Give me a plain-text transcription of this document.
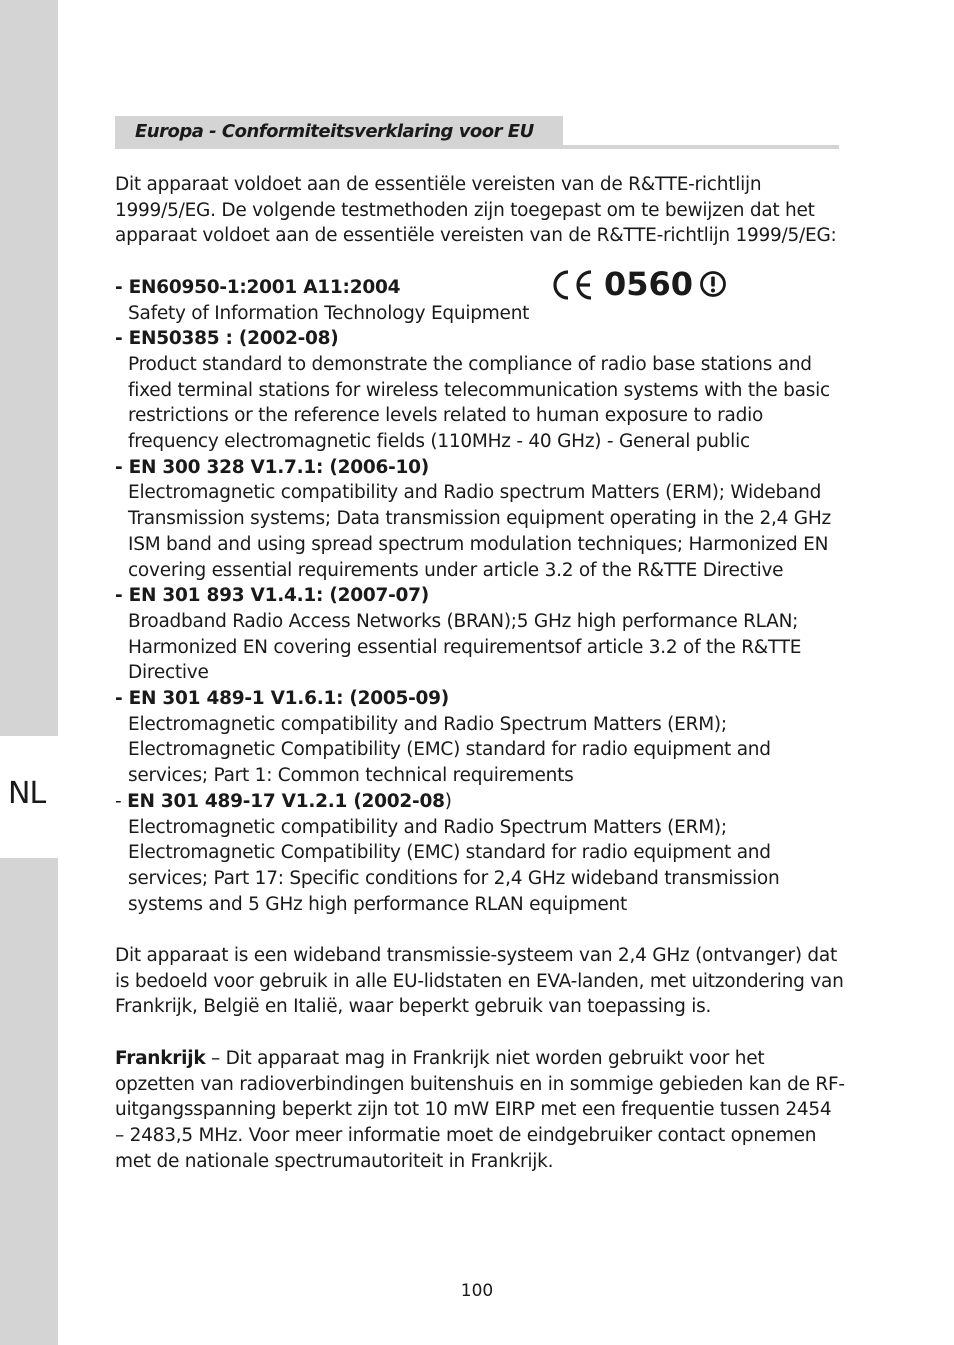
NL
Europa - Conformiteitsverklaring voor EU
0560

Dit apparaat voldoet aan de essentiële vereisten van de R&TTE-richtlijn 1999/5/EG. De volgende testmethoden zijn toegepast om te bewijzen dat het apparaat voldoet aan de essentiële vereisten van de R&TTE-richtlijn 1999/5/EG:

- EN60950-1:2001 A11:2004
Safety of Information Technology Equipment
- EN50385 : (2002-08)
Product standard to demonstrate the compliance of radio base stations and fixed terminal stations for wireless telecommunication systems with the basic restrictions or the reference levels related to human exposure to radio frequency electromagnetic fields (110MHz - 40 GHz) - General public
- EN 300 328 V1.7.1: (2006-10)
Electromagnetic compatibility and Radio spectrum Matters (ERM); Wideband Transmission systems; Data transmission equipment operating in the 2,4 GHz ISM band and using spread spectrum modulation techniques; Harmonized EN covering essential requirements under article 3.2 of the R&TTE Directive
- EN 301 893 V1.4.1: (2007-07)
Broadband Radio Access Networks (BRAN);5 GHz high performance RLAN; Harmonized EN covering essential requirementsof article 3.2 of the R&TTE Directive
- EN 301 489-1 V1.6.1: (2005-09)
Electromagnetic compatibility and Radio Spectrum Matters (ERM); Electromagnetic Compatibility (EMC) standard for radio equipment and services; Part 1: Common technical requirements
- EN 301 489-17 V1.2.1 (2002-08)
Electromagnetic compatibility and Radio Spectrum Matters (ERM); Electromagnetic Compatibility (EMC) standard for radio equipment and services; Part 17: Specific conditions for 2,4 GHz wideband transmission systems and 5 GHz high performance RLAN equipment

Dit apparaat is een wideband transmissie-systeem van 2,4 GHz (ontvanger) dat is bedoeld voor gebruik in alle EU-lidstaten en EVA-landen, met uitzondering van Frankrijk, België en Italië, waar beperkt gebruik van toepassing is.

Frankrijk – Dit apparaat mag in Frankrijk niet worden gebruikt voor het opzetten van radioverbindingen buitenshuis en in sommige gebieden kan de RF-uitgangsspanning beperkt zijn tot 10 mW EIRP met een frequentie tussen 2454 – 2483,5 MHz. Voor meer informatie moet de eindgebruiker contact opnemen met de nationale spectrumautoriteit in Frankrijk.

100
